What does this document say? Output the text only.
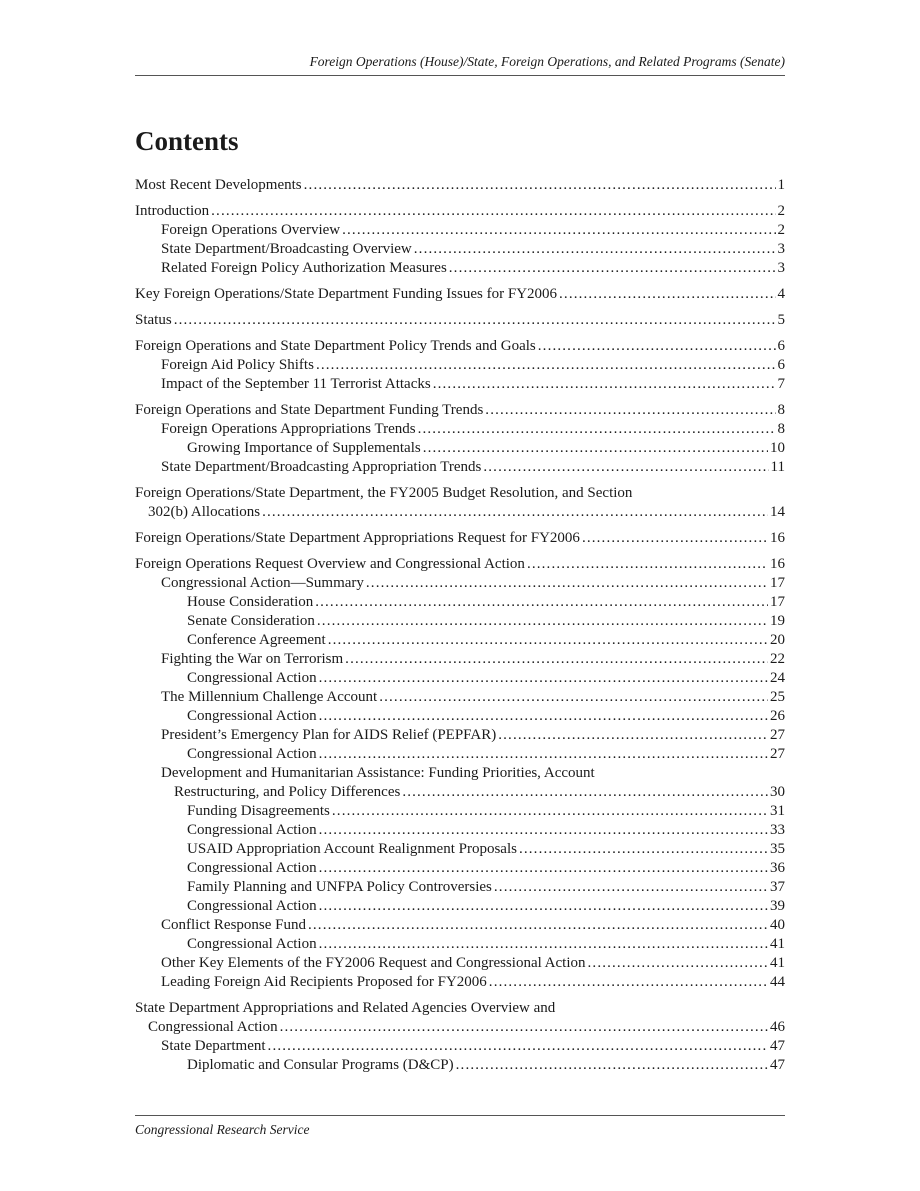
Foreign Operations (House)/State, Foreign Operations, and Related Programs (Senate)
Contents
Most Recent Developments . . .	1
Introduction . . .	2
Foreign Operations Overview . . .	2
State Department/Broadcasting Overview . . .	3
Related Foreign Policy Authorization Measures . . .	3
Key Foreign Operations/State Department Funding Issues for FY2006 . . .	4
Status . . .	5
Foreign Operations and State Department Policy Trends and Goals . . .	6
Foreign Aid Policy Shifts . . .	6
Impact of the September 11 Terrorist Attacks . . .	7
Foreign Operations and State Department Funding Trends . . .	8
Foreign Operations Appropriations Trends . . .	8
Growing Importance of Supplementals . . .	10
State Department/Broadcasting Appropriation Trends . . .	11
Foreign Operations/State Department, the FY2005 Budget Resolution, and Section
302(b) Allocations . . .	14
Foreign Operations/State Department Appropriations Request for FY2006 . . .	16
Foreign Operations Request Overview and Congressional Action . . .	16
Congressional Action—Summary . . .	17
House Consideration . . .	17
Senate Consideration . . .	19
Conference Agreement . . .	20
Fighting the War on Terrorism . . .	22
Congressional Action . . .	24
The Millennium Challenge Account . . .	25
Congressional Action . . .	26
President’s Emergency Plan for AIDS Relief (PEPFAR) . . .	27
Congressional Action . . .	27
Development and Humanitarian Assistance: Funding Priorities, Account
Restructuring, and Policy Differences . . .	30
Funding Disagreements . . .	31
Congressional Action . . .	33
USAID Appropriation Account Realignment Proposals . . .	35
Congressional Action . . .	36
Family Planning and UNFPA Policy Controversies . . .	37
Congressional Action . . .	39
Conflict Response Fund . . .	40
Congressional Action . . .	41
Other Key Elements of the FY2006 Request and Congressional Action . . .	41
Leading Foreign Aid Recipients Proposed for FY2006 . . .	44
State Department Appropriations and Related Agencies Overview and
Congressional Action . . .	46
State Department . . .	47
Diplomatic and Consular Programs (D&CP) . . .	47
Congressional Research Service
